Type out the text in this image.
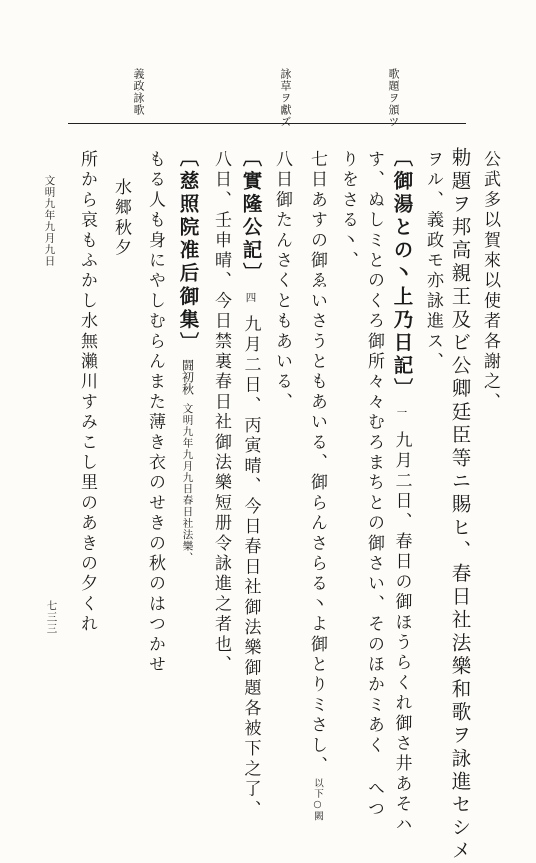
歌題ヲ頒ツ
詠草ヲ獻ズ
義政詠歌
公武多以賀來以使者各謝之、
勅題ヲ邦高親王及ビ公卿廷臣等ニ賜ヒ、春日社法樂和歌ヲ詠進セシメ
ヲル、義政モ亦詠進ス、
〔御湯との丶上乃日記〕一九月二日、春日の御ほうらくれ御さ井あそハ
す、ぬしミとのくろ御所々々むろまちとの御さい、そのほかミあく へつ
りをさる丶、
七日あすの御ゑいさうともあいる、御らんさらる丶よ御とりミさし、以下○闕
八日御たんさくともあいる、
〔實隆公記〕四九月二日、丙寅晴、今日春日社御法樂御題各被下之了、
八日、壬申晴、今日禁裏春日社御法樂短册令詠進之者也、
〔慈照院准后御集〕闘初秋文明九年九月九日春日社法樂、
もる人も身にやしむらんまた薄き衣のせきの秋のはつかせ
水郷秋夕
所から哀もふかし水無瀨川すみこし里のあきの夕くれ
文明九年九月九日
七三三
